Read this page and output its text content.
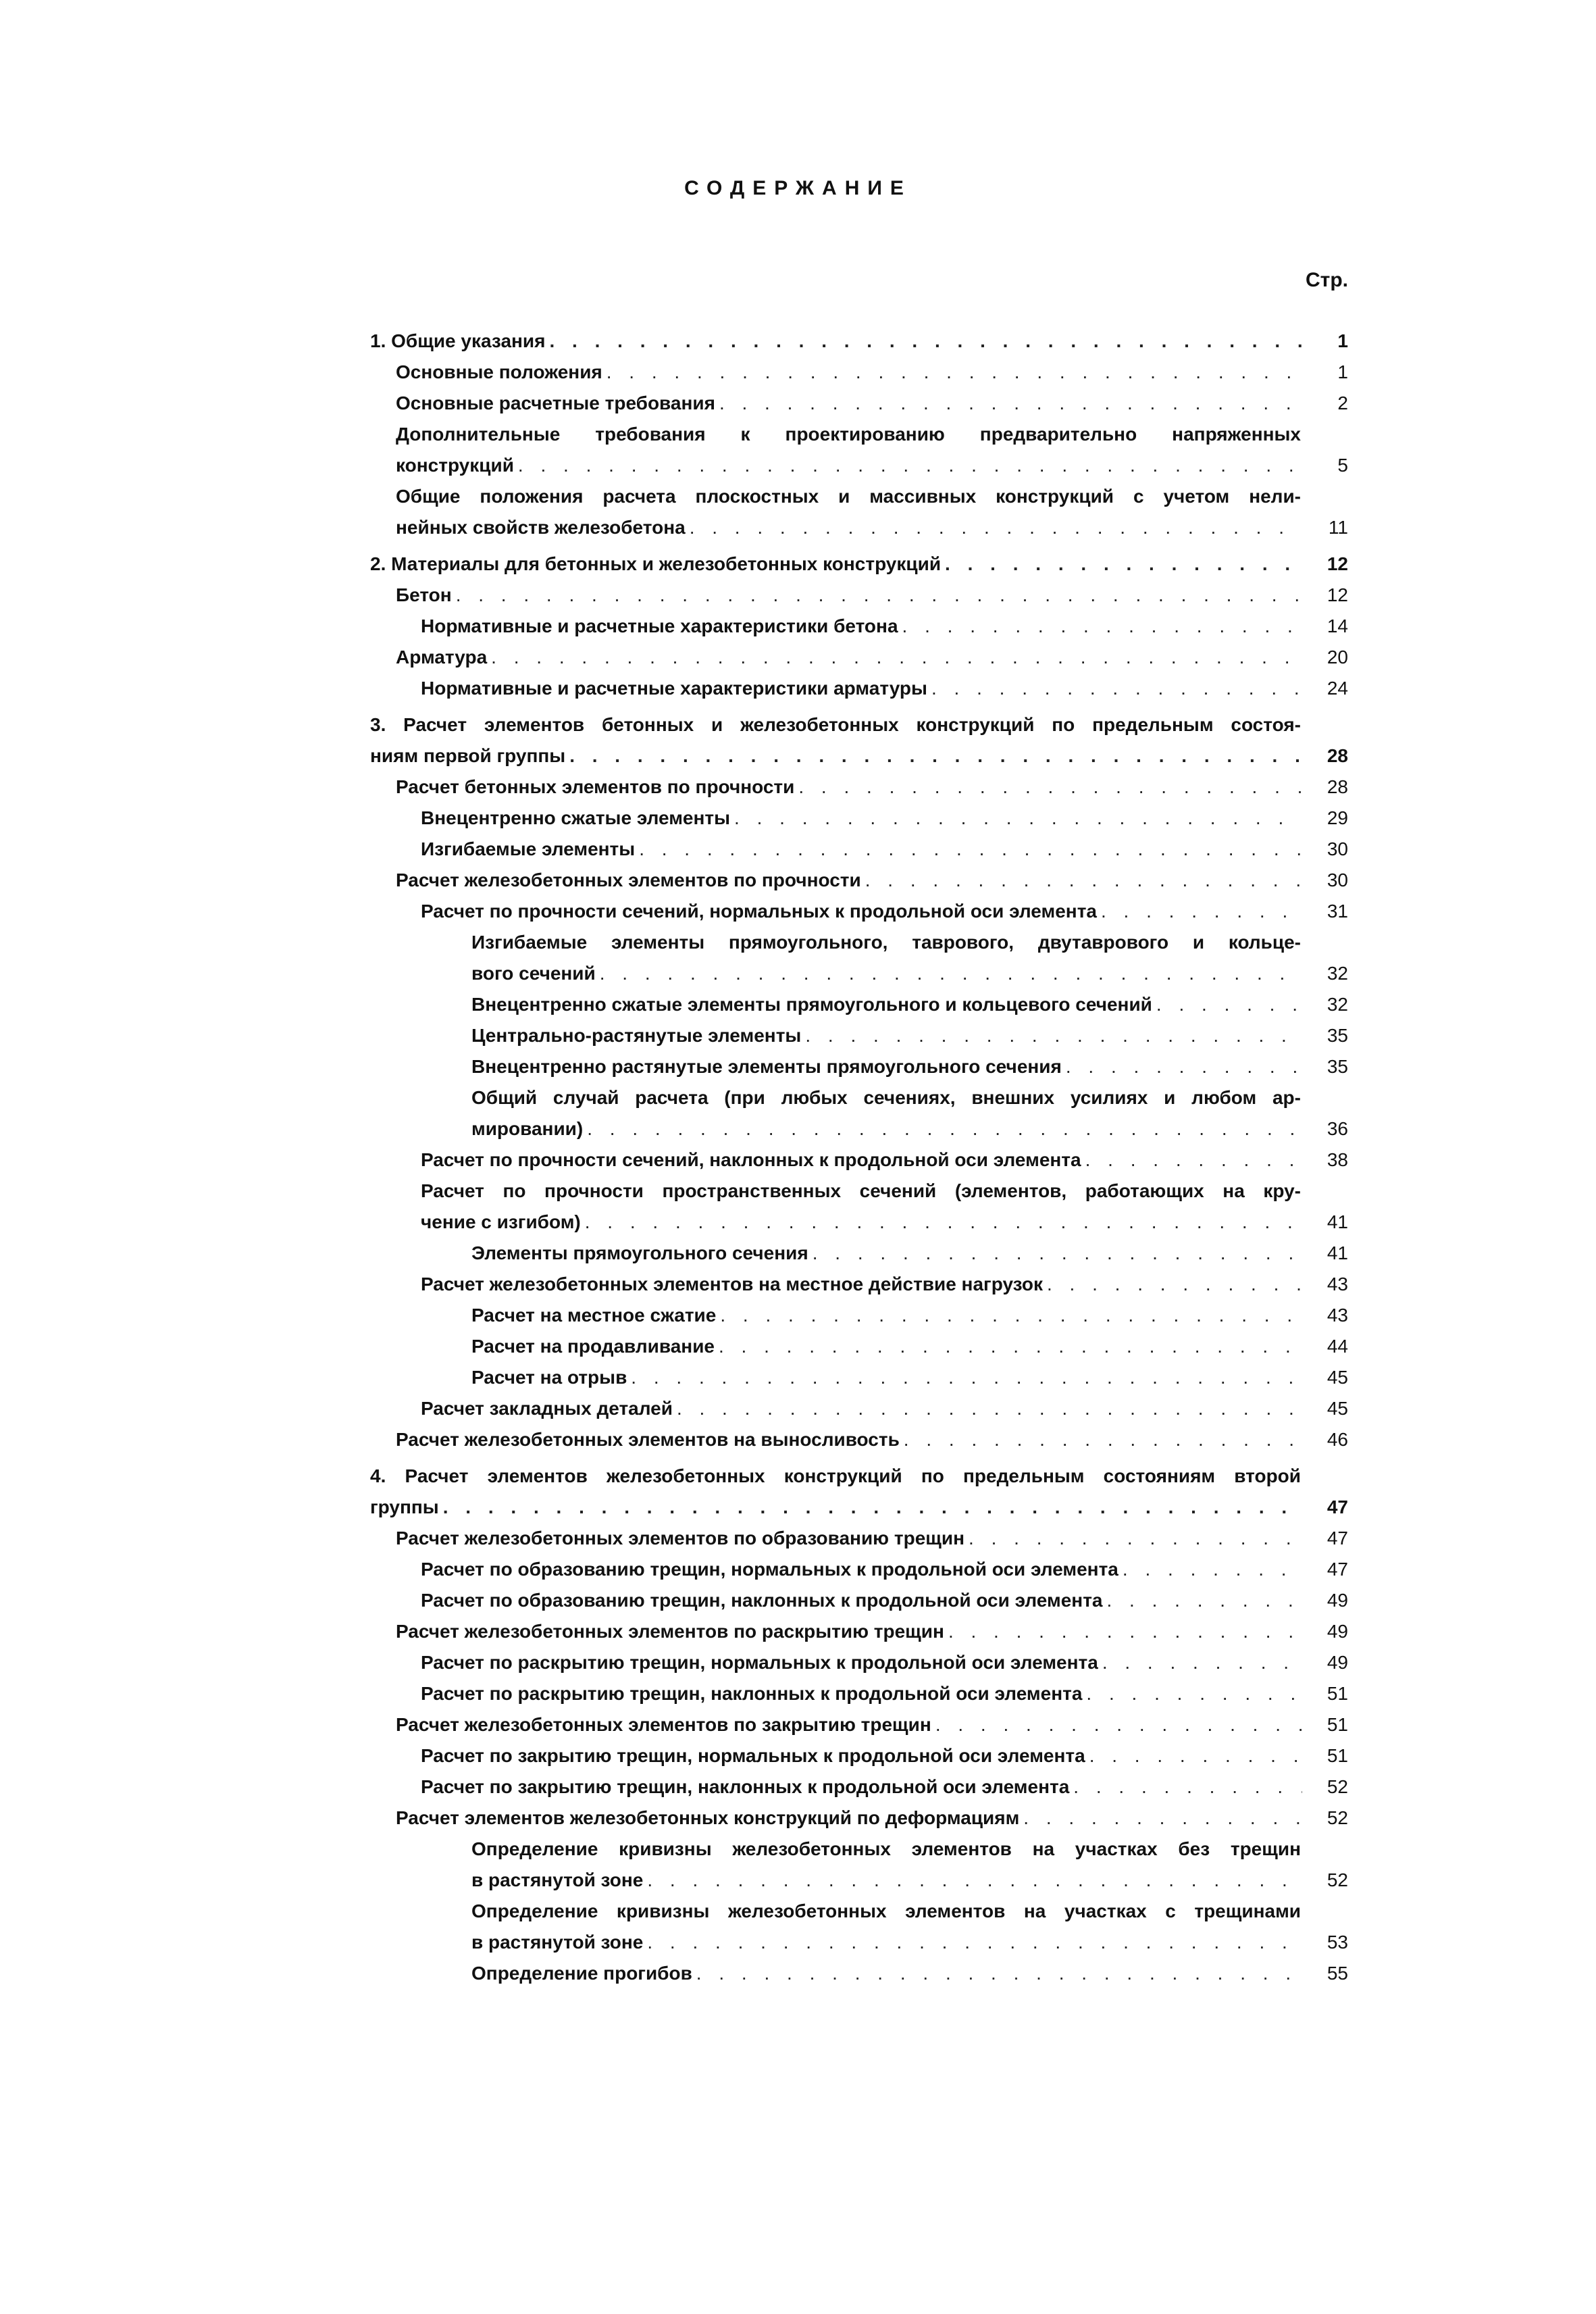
СОДЕРЖАНИЕ
Стр.
1. Общие указания . . .	1
Основные положения . . .	1
Основные расчетные требования . . .	2
Дополнительные требования к проектированию предварительно напряженных
конструкций . . .	5
Общие положения расчета плоскостных и массивных конструкций с учетом нели-
нейных свойств железобетона . . .	11
2. Материалы для бетонных и железобетонных конструкций . . .	12
Бетон . . .	12
Нормативные и расчетные характеристики бетона . . .	14
Арматура . . .	20
Нормативные и расчетные характеристики арматуры . . .	24
3. Расчет элементов бетонных и железобетонных конструкций по предельным состоя-
ниям первой группы . . .	28
Расчет бетонных элементов по прочности . . .	28
Внецентренно сжатые элементы . . .	29
Изгибаемые элементы . . .	30
Расчет железобетонных элементов по прочности . . .	30
Расчет по прочности сечений, нормальных к продольной оси элемента . . .	31
Изгибаемые элементы прямоугольного, таврового, двутаврового и кольце-
вого сечений . . .	32
Внецентренно сжатые элементы прямоугольного и кольцевого сечений . . .	32
Центрально-растянутые элементы . . .	35
Внецентренно растянутые элементы прямоугольного сечения . . .	35
Общий случай расчета (при любых сечениях, внешних усилиях и любом ар-
мировании) . . .	36
Расчет по прочности сечений, наклонных к продольной оси элемента . . .	38
Расчет по прочности пространственных сечений (элементов, работающих на кру-
чение с изгибом) . . .	41
Элементы прямоугольного сечения . . .	41
Расчет железобетонных элементов на местное действие нагрузок . . .	43
Расчет на местное сжатие . . .	43
Расчет на продавливание . . .	44
Расчет на отрыв . . .	45
Расчет закладных деталей . . .	45
Расчет железобетонных элементов на выносливость . . .	46
4. Расчет элементов железобетонных конструкций по предельным состояниям второй
группы . . .	47
Расчет железобетонных элементов по образованию трещин . . .	47
Расчет по образованию трещин, нормальных к продольной оси элемента . . .	47
Расчет по образованию трещин, наклонных к продольной оси элемента . . .	49
Расчет железобетонных элементов по раскрытию трещин . . .	49
Расчет по раскрытию трещин, нормальных к продольной оси элемента . . .	49
Расчет по раскрытию трещин, наклонных к продольной оси элемента . . .	51
Расчет железобетонных элементов по закрытию трещин . . .	51
Расчет по закрытию трещин, нормальных к продольной оси элемента . . .	51
Расчет по закрытию трещин, наклонных к продольной оси элемента . . .	52
Расчет элементов железобетонных конструкций по деформациям . . .	52
Определение кривизны железобетонных элементов на участках без трещин
в растянутой зоне . . .	52
Определение кривизны железобетонных элементов на участках с трещинами
в растянутой зоне . . .	53
Определение прогибов . . .	55
